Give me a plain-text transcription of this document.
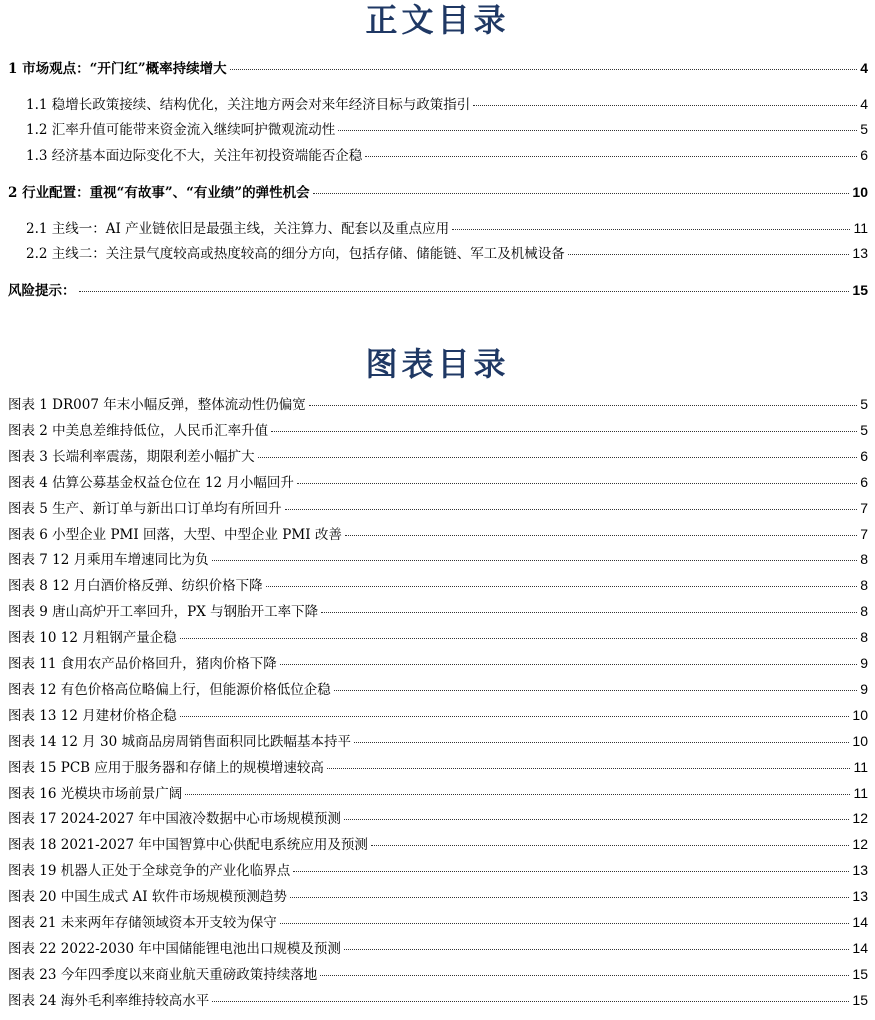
正文目录
1 市场观点：“开门红”概率持续增大	4
1.1 稳增长政策接续、结构优化，关注地方两会对来年经济目标与政策指引	4
1.2 汇率升值可能带来资金流入继续呵护微观流动性	5
1.3 经济基本面边际变化不大，关注年初投资端能否企稳	6
2 行业配置：重视“有故事”、“有业绩”的弹性机会	10
2.1 主线一：AI 产业链依旧是最强主线，关注算力、配套以及重点应用	11
2.2 主线二：关注景气度较高或热度较高的细分方向，包括存储、储能链、军工及机械设备	13
风险提示：	15
图表目录
图表 1 DR007 年末小幅反弹，整体流动性仍偏宽	5
图表 2 中美息差维持低位，人民币汇率升值	5
图表 3 长端利率震荡，期限利差小幅扩大	6
图表 4 估算公募基金权益仓位在 12 月小幅回升	6
图表 5 生产、新订单与新出口订单均有所回升	7
图表 6 小型企业 PMI 回落，大型、中型企业 PMI 改善	7
图表 7 12 月乘用车增速同比为负	8
图表 8 12 月白酒价格反弹、纺织价格下降	8
图表 9 唐山高炉开工率回升，PX 与钢胎开工率下降	8
图表 10 12 月粗钢产量企稳	8
图表 11 食用农产品价格回升，猪肉价格下降	9
图表 12 有色价格高位略偏上行，但能源价格低位企稳	9
图表 13 12 月建材价格企稳	10
图表 14 12 月 30 城商品房周销售面积同比跌幅基本持平	10
图表 15 PCB 应用于服务器和存储上的规模增速较高	11
图表 16 光模块市场前景广阔	11
图表 17 2024-2027 年中国液冷数据中心市场规模预测	12
图表 18 2021-2027 年中国智算中心供配电系统应用及预测	12
图表 19 机器人正处于全球竞争的产业化临界点	13
图表 20 中国生成式 AI 软件市场规模预测趋势	13
图表 21 未来两年存储领域资本开支较为保守	14
图表 22 2022-2030 年中国储能锂电池出口规模及预测	14
图表 23 今年四季度以来商业航天重磅政策持续落地	15
图表 24 海外毛利率维持较高水平	15
